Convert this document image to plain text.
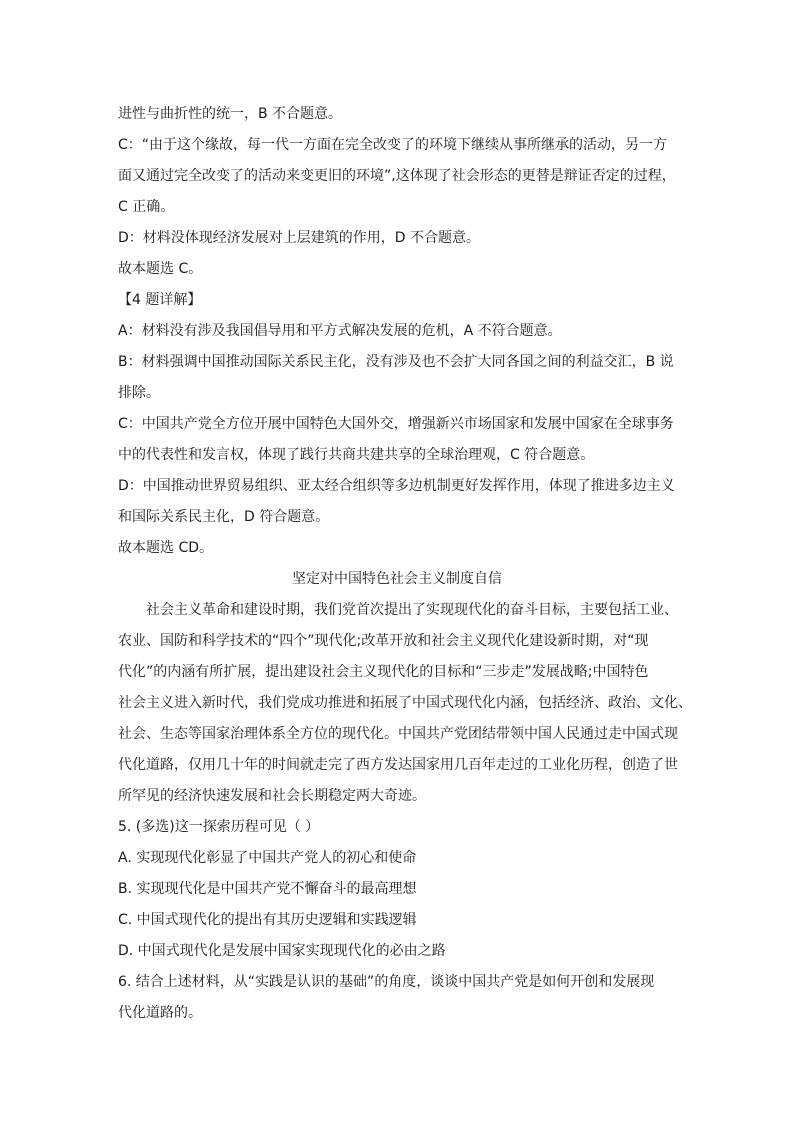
进性与曲折性的统一，B 不合题意。
C：“由于这个缘故，每一代一方面在完全改变了的环境下继续从事所继承的活动，另一方
面又通过完全改变了的活动来变更旧的环境”,这体现了社会形态的更替是辩证否定的过程，
C 正确。
D：材料没体现经济发展对上层建筑的作用，D 不合题意。
故本题选 C。
【4 题详解】
A：材料没有涉及我国倡导用和平方式解决发展的危机，A 不符合题意。
B：材料强调中国推动国际关系民主化，没有涉及也不会扩大同各国之间的利益交汇，B 说
排除。
C：中国共产党全方位开展中国特色大国外交，增强新兴市场国家和发展中国家在全球事务
中的代表性和发言权，体现了践行共商共建共享的全球治理观，C 符合题意。
D：中国推动世界贸易组织、亚太经合组织等多边机制更好发挥作用，体现了推进多边主义
和国际关系民主化，D 符合题意。
故本题选 CD。
坚定对中国特色社会主义制度自信
社会主义革命和建设时期，我们党首次提出了实现现代化的奋斗目标，主要包括工业、
农业、国防和科学技术的“四个”现代化;改革开放和社会主义现代化建设新时期，对“现
代化”的内涵有所扩展，提出建设社会主义现代化的目标和“三步走”发展战略;中国特色
社会主义进入新时代，我们党成功推进和拓展了中国式现代化内涵，包括经济、政治、文化、
社会、生态等国家治理体系全方位的现代化。中国共产党团结带领中国人民通过走中国式现
代化道路，仅用几十年的时间就走完了西方发达国家用几百年走过的工业化历程，创造了世
所罕见的经济快速发展和社会长期稳定两大奇迹。
5. (多选)这一探索历程可见（ ）
A. 实现现代化彰显了中国共产党人的初心和使命
B. 实现现代化是中国共产党不懈奋斗的最高理想
C. 中国式现代化的提出有其历史逻辑和实践逻辑
D. 中国式现代化是发展中国家实现现代化的必由之路
6. 结合上述材料，从“实践是认识的基础”的角度，谈谈中国共产党是如何开创和发展现
代化道路的。
